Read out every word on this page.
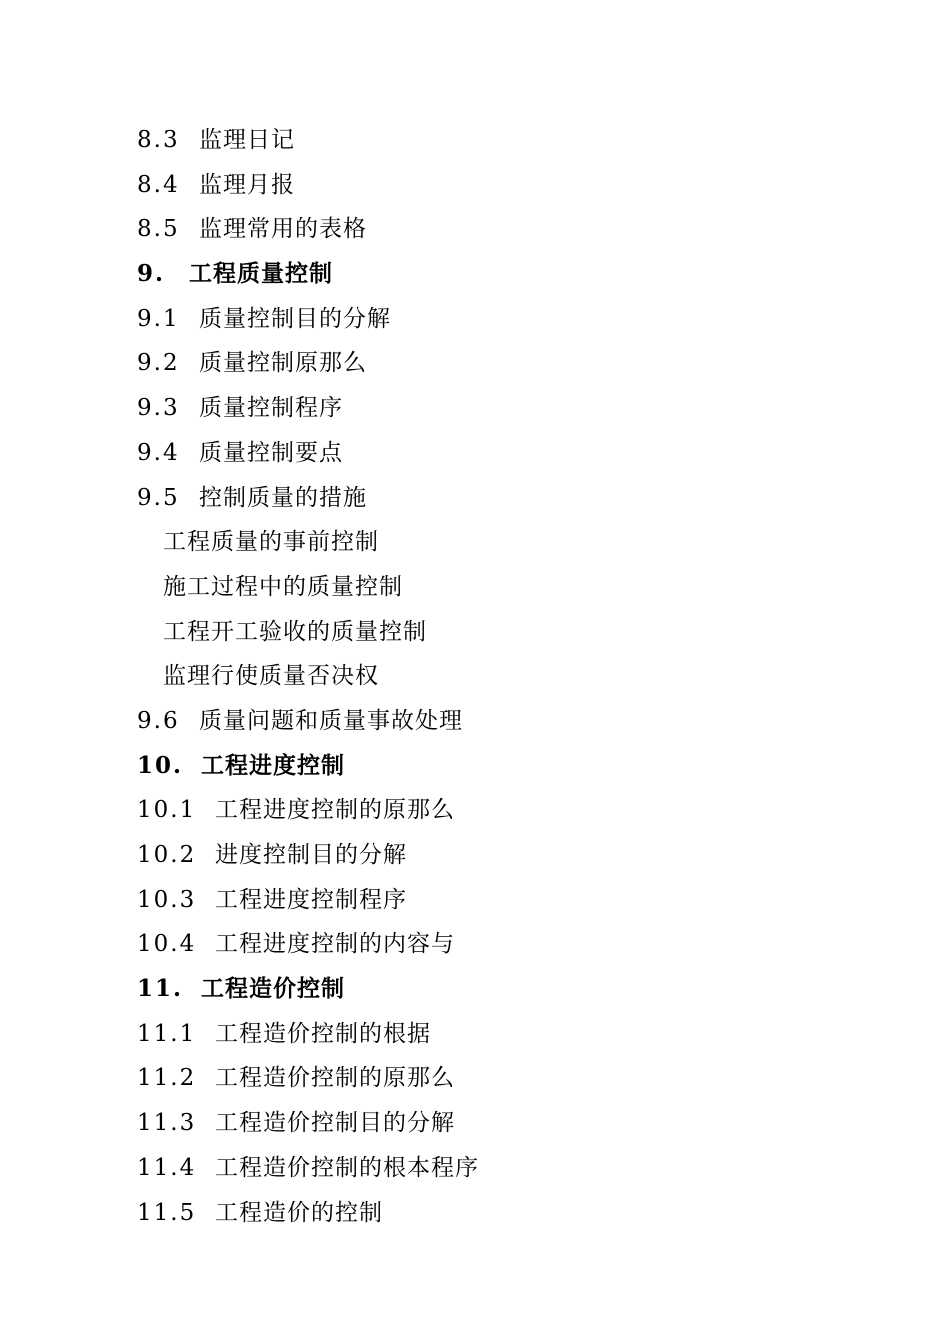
8.3 监理日记
8.4 监理月报
8.5 监理常用的表格
9. 工程质量控制
9.1 质量控制目的分解
9.2 质量控制原那么
9.3 质量控制程序
9.4 质量控制要点
9.5 控制质量的措施
工程质量的事前控制
施工过程中的质量控制
工程开工验收的质量控制
监理行使质量否决权
9.6 质量问题和质量事故处理
10. 工程进度控制
10.1 工程进度控制的原那么
10.2 进度控制目的分解
10.3 工程进度控制程序
10.4 工程进度控制的内容与
11. 工程造价控制
11.1 工程造价控制的根据
11.2 工程造价控制的原那么
11.3 工程造价控制目的分解
11.4 工程造价控制的根本程序
11.5 工程造价的控制
